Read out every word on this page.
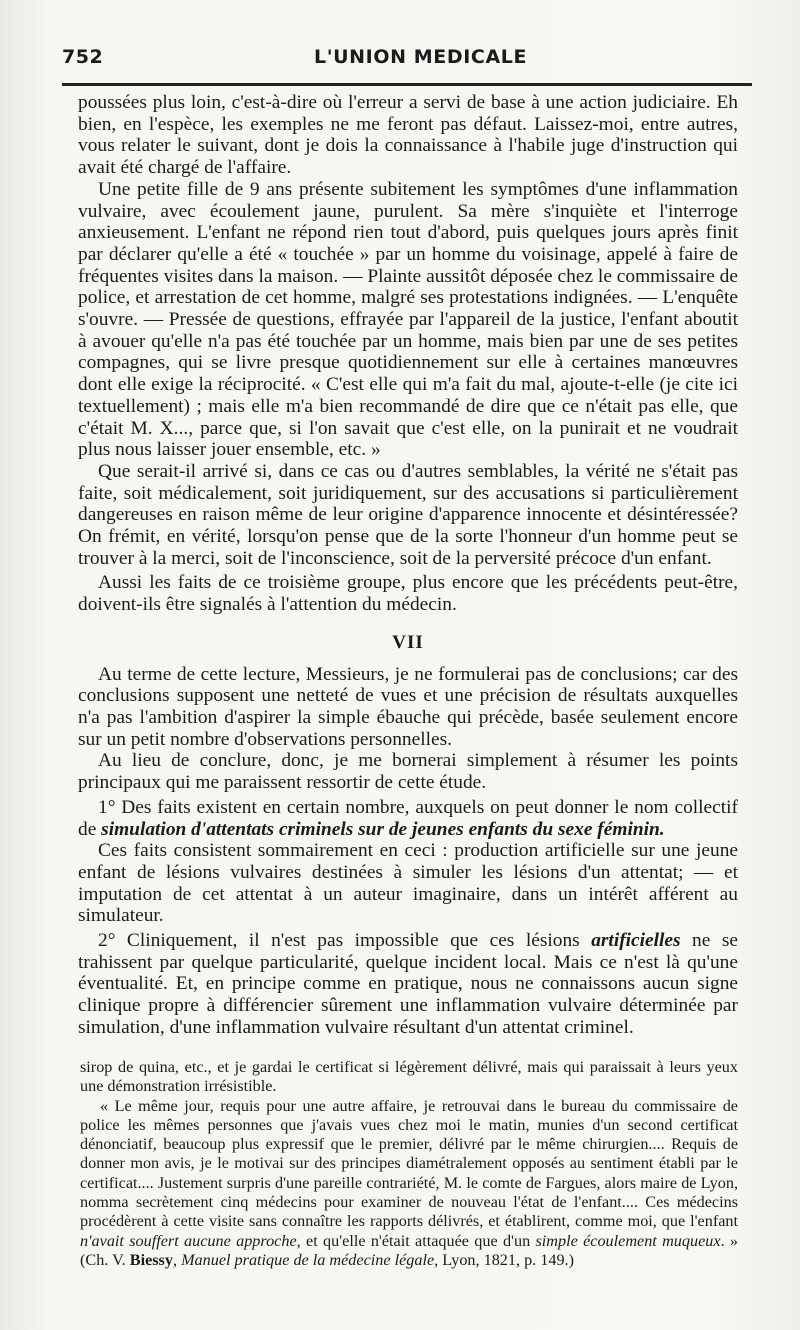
752	L'UNION MEDICALE

poussées plus loin, c'est-à-dire où l'erreur a servi de base à une action judiciaire. Eh bien, en l'espèce, les exemples ne me feront pas défaut. Laissez-moi, entre autres, vous relater le suivant, dont je dois la connaissance à l'habile juge d'instruction qui avait été chargé de l'affaire.

Une petite fille de 9 ans présente subitement les symptômes d'une inflammation vulvaire, avec écoulement jaune, purulent. Sa mère s'inquiète et l'interroge anxieusement. L'enfant ne répond rien tout d'abord, puis quelques jours après finit par déclarer qu'elle a été « touchée » par un homme du voisinage, appelé à faire de fréquentes visites dans la maison. — Plainte aussitôt déposée chez le commissaire de police, et arrestation de cet homme, malgré ses protestations indignées. — L'enquête s'ouvre. — Pressée de questions, effrayée par l'appareil de la justice, l'enfant aboutit à avouer qu'elle n'a pas été touchée par un homme, mais bien par une de ses petites compagnes, qui se livre presque quotidiennement sur elle à certaines manœuvres dont elle exige la réciprocité. « C'est elle qui m'a fait du mal, ajoute-t-elle (je cite ici textuellement) ; mais elle m'a bien recommandé de dire que ce n'était pas elle, que c'était M. X..., parce que, si l'on savait que c'est elle, on la punirait et ne voudrait plus nous laisser jouer ensemble, etc. »

Que serait-il arrivé si, dans ce cas ou d'autres semblables, la vérité ne s'était pas faite, soit médicalement, soit juridiquement, sur des accusations si particulièrement dangereuses en raison même de leur origine d'apparence innocente et désintéressée? On frémit, en vérité, lorsqu'on pense que de la sorte l'honneur d'un homme peut se trouver à la merci, soit de l'inconscience, soit de la perversité précoce d'un enfant.

Aussi les faits de ce troisième groupe, plus encore que les précédents peut-être, doivent-ils être signalés à l'attention du médecin.

VII

Au terme de cette lecture, Messieurs, je ne formulerai pas de conclusions; car des conclusions supposent une netteté de vues et une précision de résultats auxquelles n'a pas l'ambition d'aspirer la simple ébauche qui précède, basée seulement encore sur un petit nombre d'observations personnelles.

Au lieu de conclure, donc, je me bornerai simplement à résumer les points principaux qui me paraissent ressortir de cette étude.

1° Des faits existent en certain nombre, auxquels on peut donner le nom collectif de simulation d'attentats criminels sur de jeunes enfants du sexe féminin.

Ces faits consistent sommairement en ceci : production artificielle sur une jeune enfant de lésions vulvaires destinées à simuler les lésions d'un attentat; — et imputation de cet attentat à un auteur imaginaire, dans un intérêt afférent au simulateur.

2° Cliniquement, il n'est pas impossible que ces lésions artificielles ne se trahissent par quelque particularité, quelque incident local. Mais ce n'est là qu'une éventualité. Et, en principe comme en pratique, nous ne connaissons aucun signe clinique propre à différencier sûrement une inflammation vulvaire déterminée par simulation, d'une inflammation vulvaire résultant d'un attentat criminel.

sirop de quina, etc., et je gardai le certificat si légèrement délivré, mais qui paraissait à leurs yeux une démonstration irrésistible.

« Le même jour, requis pour une autre affaire, je retrouvai dans le bureau du commissaire de police les mêmes personnes que j'avais vues chez moi le matin, munies d'un second certificat dénonciatif, beaucoup plus expressif que le premier, délivré par le même chirurgien.... Requis de donner mon avis, je le motivai sur des principes diamétralement opposés au sentiment établi par le certificat.... Justement surpris d'une pareille contrariété, M. le comte de Fargues, alors maire de Lyon, nomma secrètement cinq médecins pour examiner de nouveau l'état de l'enfant.... Ces médecins procédèrent à cette visite sans connaître les rapports délivrés, et établirent, comme moi, que l'enfant n'avait souffert aucune approche, et qu'elle n'était attaquée que d'un simple écoulement muqueux. » (Ch. V. Biessy, Manuel pratique de la médecine légale, Lyon, 1821, p. 149.)
